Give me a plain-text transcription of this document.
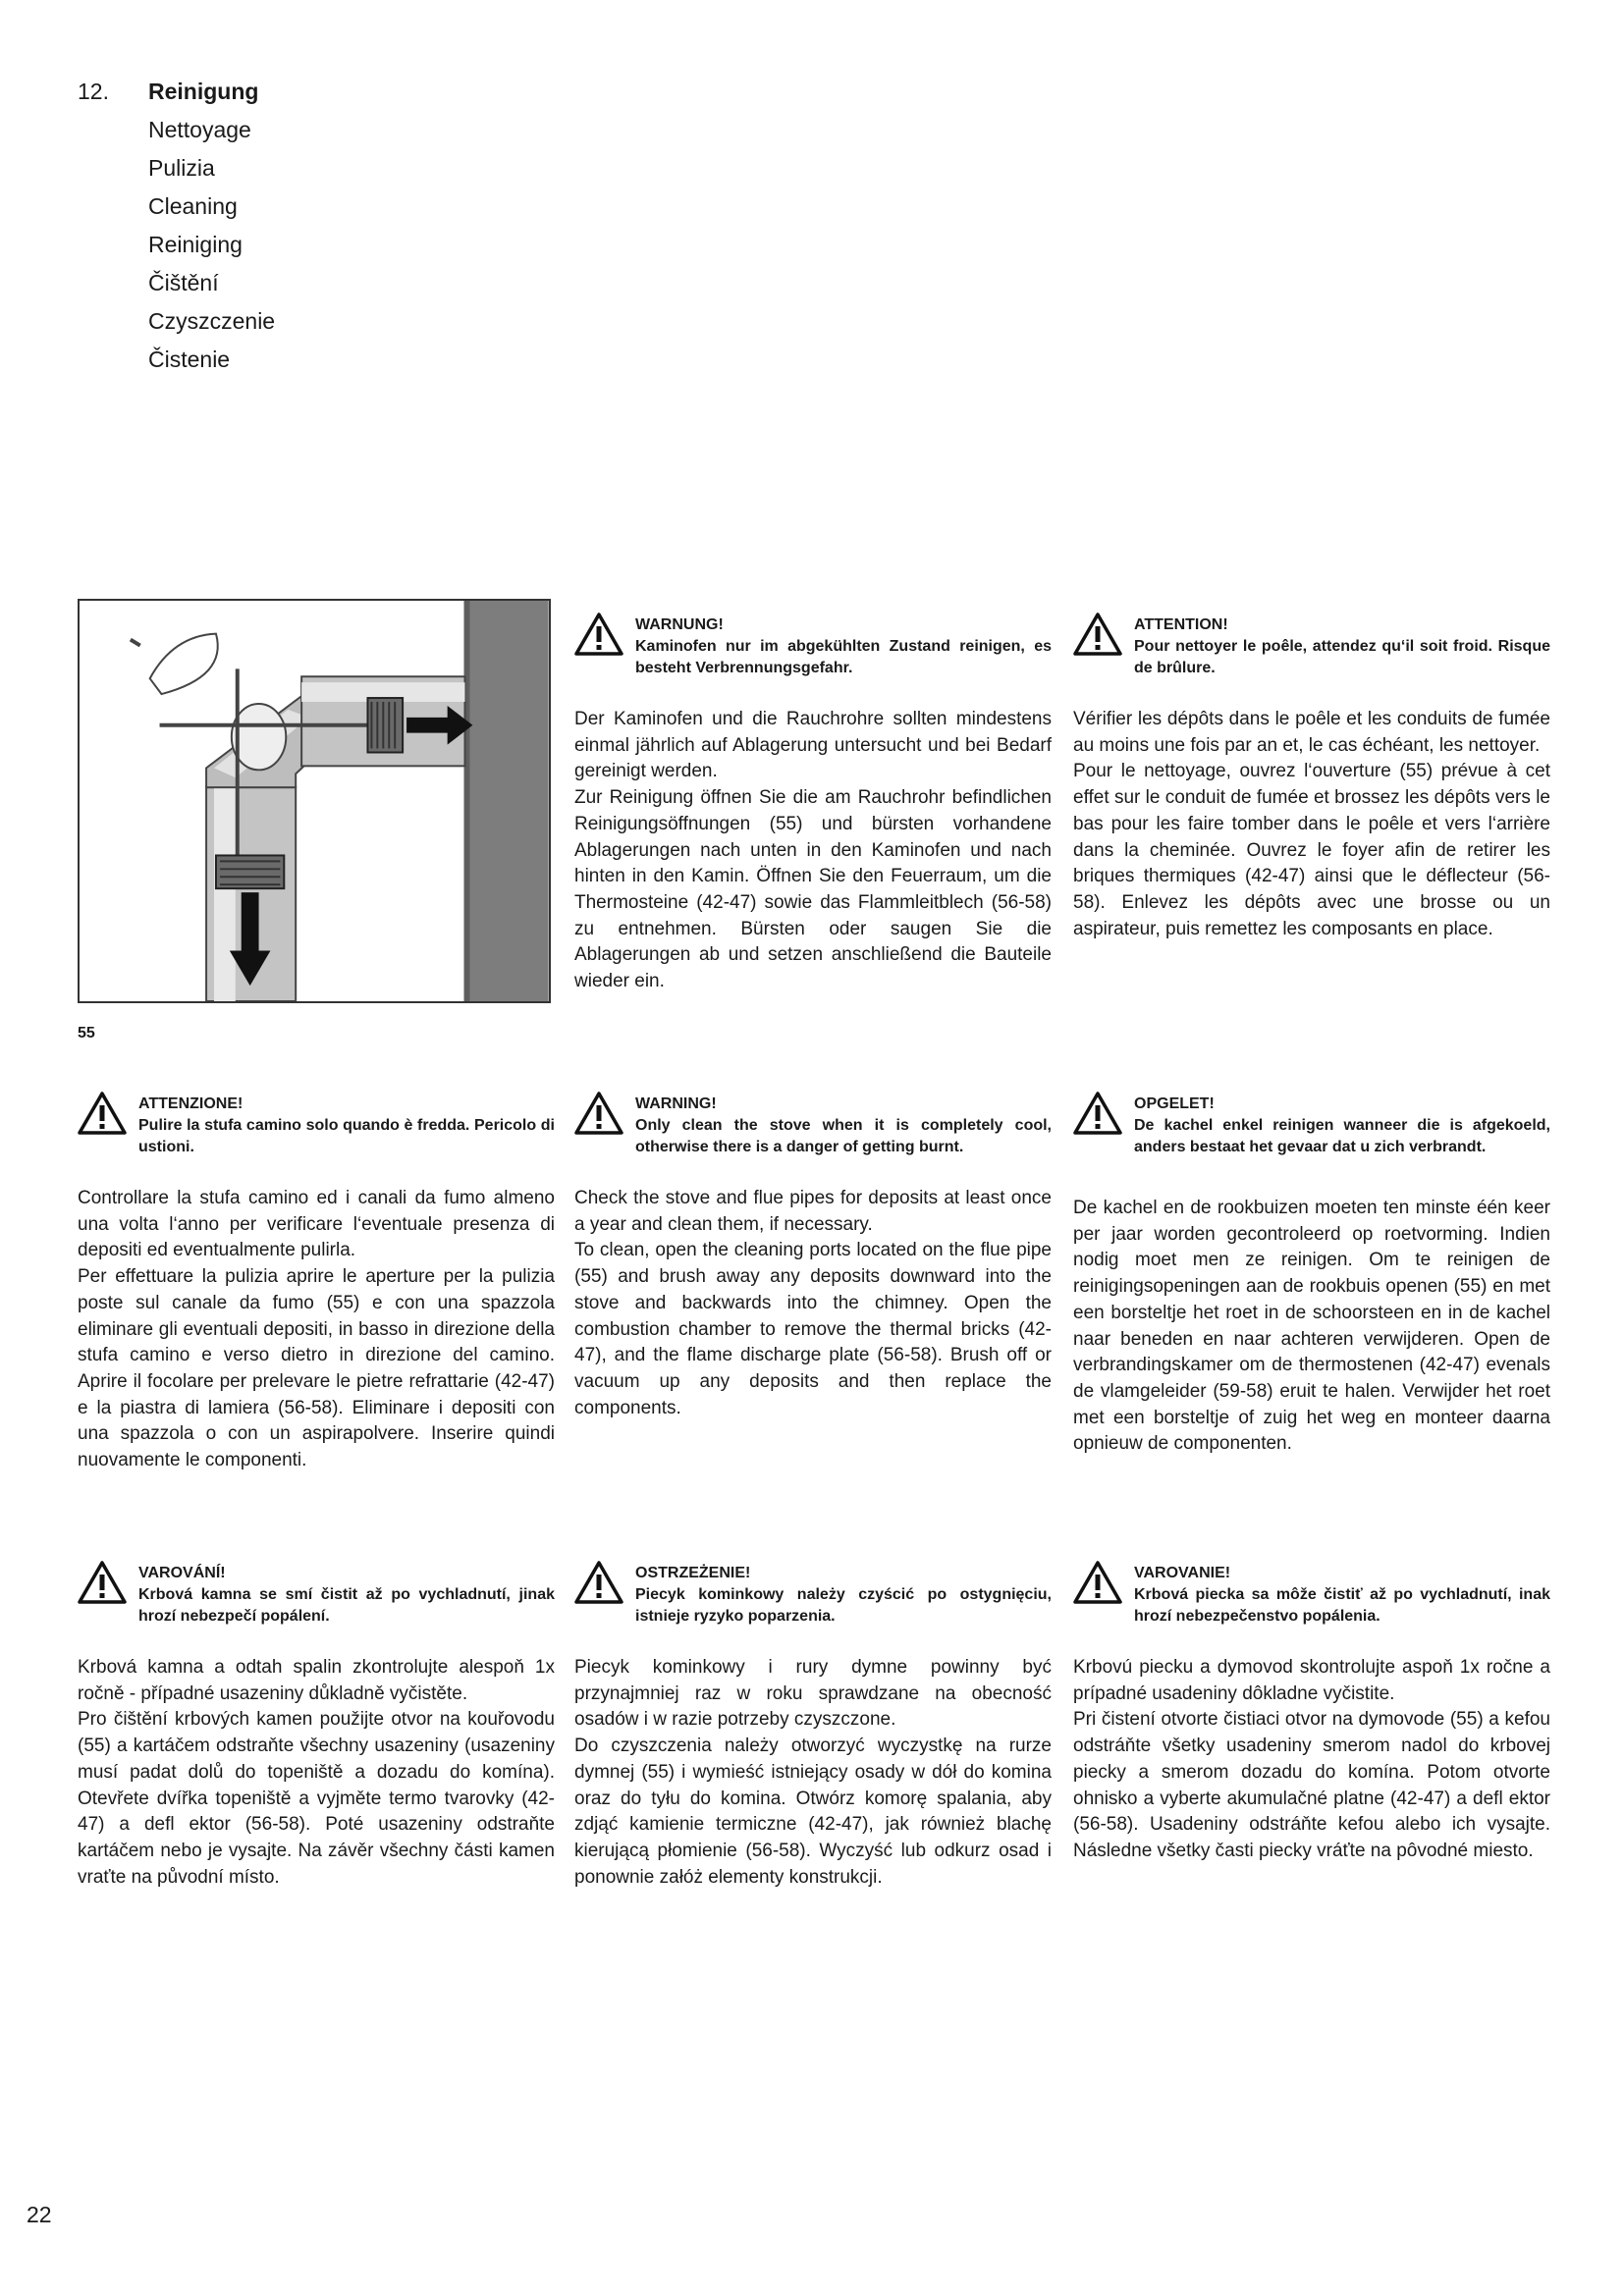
12.	Reinigung
Nettoyage
Pulizia
Cleaning
Reiniging
Čištění
Czyszczenie
Čistenie
55
WARNUNG!
Kaminofen nur im abgekühlten Zustand reinigen, es besteht Verbrennungsgefahr.

Der Kaminofen und die Rauchrohre sollten mindestens einmal jährlich auf Ablagerung untersucht und bei Bedarf gereinigt werden.

Zur Reinigung öffnen Sie die am Rauchrohr befindlichen Reinigungsöffnungen (55) und bürsten vorhandene Ablagerungen nach unten in den Kaminofen und nach hinten in den Kamin. Öffnen Sie den Feuerraum, um die Thermosteine (42-47) sowie das Flammleitblech (56-58) zu entnehmen. Bürsten oder saugen Sie die Ablagerungen ab und setzen anschließend die Bauteile wieder ein.

ATTENTION!
Pour nettoyer le poêle, attendez qu‘il soit froid. Risque de brûlure.

Vérifier les dépôts dans le poêle et les conduits de fumée au moins une fois par an et, le cas échéant, les nettoyer.

Pour le nettoyage, ouvrez l‘ouverture (55) prévue à cet effet sur le conduit de fumée et brossez les dépôts vers le bas pour les faire tomber dans le poêle et vers l‘arrière dans la cheminée. Ouvrez le foyer afin de retirer les briques thermiques (42-47) ainsi que le déflecteur (56-58). Enlevez les dépôts avec une brosse ou un aspirateur, puis remettez les composants en place.

ATTENZIONE!
Pulire la stufa camino solo quando è fredda. Pericolo di ustioni.

Controllare la stufa camino ed i canali da fumo almeno una volta l‘anno per verificare l‘eventuale presenza di depositi ed eventualmente pulirla.

Per effettuare la pulizia aprire le aperture per la pulizia poste sul canale da fumo (55) e con una spazzola eliminare gli eventuali depositi, in basso in direzione della stufa camino e verso dietro in direzione del camino. Aprire il focolare per prelevare le pietre refrattarie (42-47) e la piastra di lamiera (56-58). Eliminare i depositi con una spazzola o con un aspirapolvere. Inserire quindi nuovamente le componenti.

WARNING!
Only clean the stove when it is completely cool, otherwise there is a danger of getting burnt.

Check the stove and flue pipes for deposits at least once a year and clean them, if necessary.

To clean, open the cleaning ports located on the flue pipe (55) and brush away any deposits downward into the stove and backwards into the chimney. Open the combustion chamber to remove the thermal bricks (42-47), and the flame discharge plate (56-58). Brush off or vacuum up any deposits and then replace the components.

OPGELET!
De kachel enkel reinigen wanneer die is afgekoeld, anders bestaat het gevaar dat u zich verbrandt.

De kachel en de rookbuizen moeten ten minste één keer per jaar worden gecontroleerd op roetvorming. Indien nodig moet men ze reinigen. Om te reinigen de reinigingsopeningen aan de rookbuis openen (55) en met een borsteltje het roet in de schoorsteen en in de kachel naar beneden en naar achteren verwijderen. Open de verbrandingskamer om de thermostenen (42-47) evenals de vlamgeleider (59-58) eruit te halen. Verwijder het roet met een borsteltje of zuig het weg en monteer daarna opnieuw de componenten.

VAROVÁNÍ!
Krbová kamna se smí čistit až po vychladnutí, jinak hrozí nebezpečí popálení.

Krbová kamna a odtah spalin zkontrolujte alespoň 1x ročně - případné usazeniny důkladně vyčistěte.

Pro čištění krbových kamen použijte otvor na kouřovodu (55) a kartáčem odstraňte všechny usazeniny (usazeniny musí padat dolů do topeniště a dozadu do komína). Otevřete dvířka topeniště a vyjměte termo tvarovky (42-47) a defl ektor (56-58). Poté usazeniny odstraňte kartáčem nebo je vysajte. Na závěr všechny části kamen vraťte na původní místo.

OSTRZEŻENIE!
Piecyk kominkowy należy czyścić po ostygnięciu, istnieje ryzyko poparzenia.

Piecyk kominkowy i rury dymne powinny być przynajmniej raz w roku sprawdzane na obecność osadów i w razie potrzeby czyszczone.

Do czyszczenia należy otworzyć wyczystkę na rurze dymnej (55) i wymieść istniejący osady w dół do komina oraz do tyłu do komina. Otwórz komorę spalania, aby zdjąć kamienie termiczne (42-47), jak również blachę kierującą płomienie (56-58). Wyczyść lub odkurz osad i ponownie załóż elementy konstrukcji.

VAROVANIE!
Krbová piecka sa môže čistiť až po vychladnutí, inak hrozí nebezpečenstvo popálenia.

Krbovú piecku a dymovod skontrolujte aspoň 1x ročne a prípadné usadeniny dôkladne vyčistite.

Pri čistení otvorte čistiaci otvor na dymovode (55) a kefou odstráňte všetky usadeniny smerom nadol do krbovej piecky a smerom dozadu do komína. Potom otvorte ohnisko a vyberte akumulačné platne (42-47) a defl ektor (56-58). Usadeniny odstráňte kefou alebo ich vysajte. Následne všetky časti piecky vráťte na pôvodné miesto.

22
